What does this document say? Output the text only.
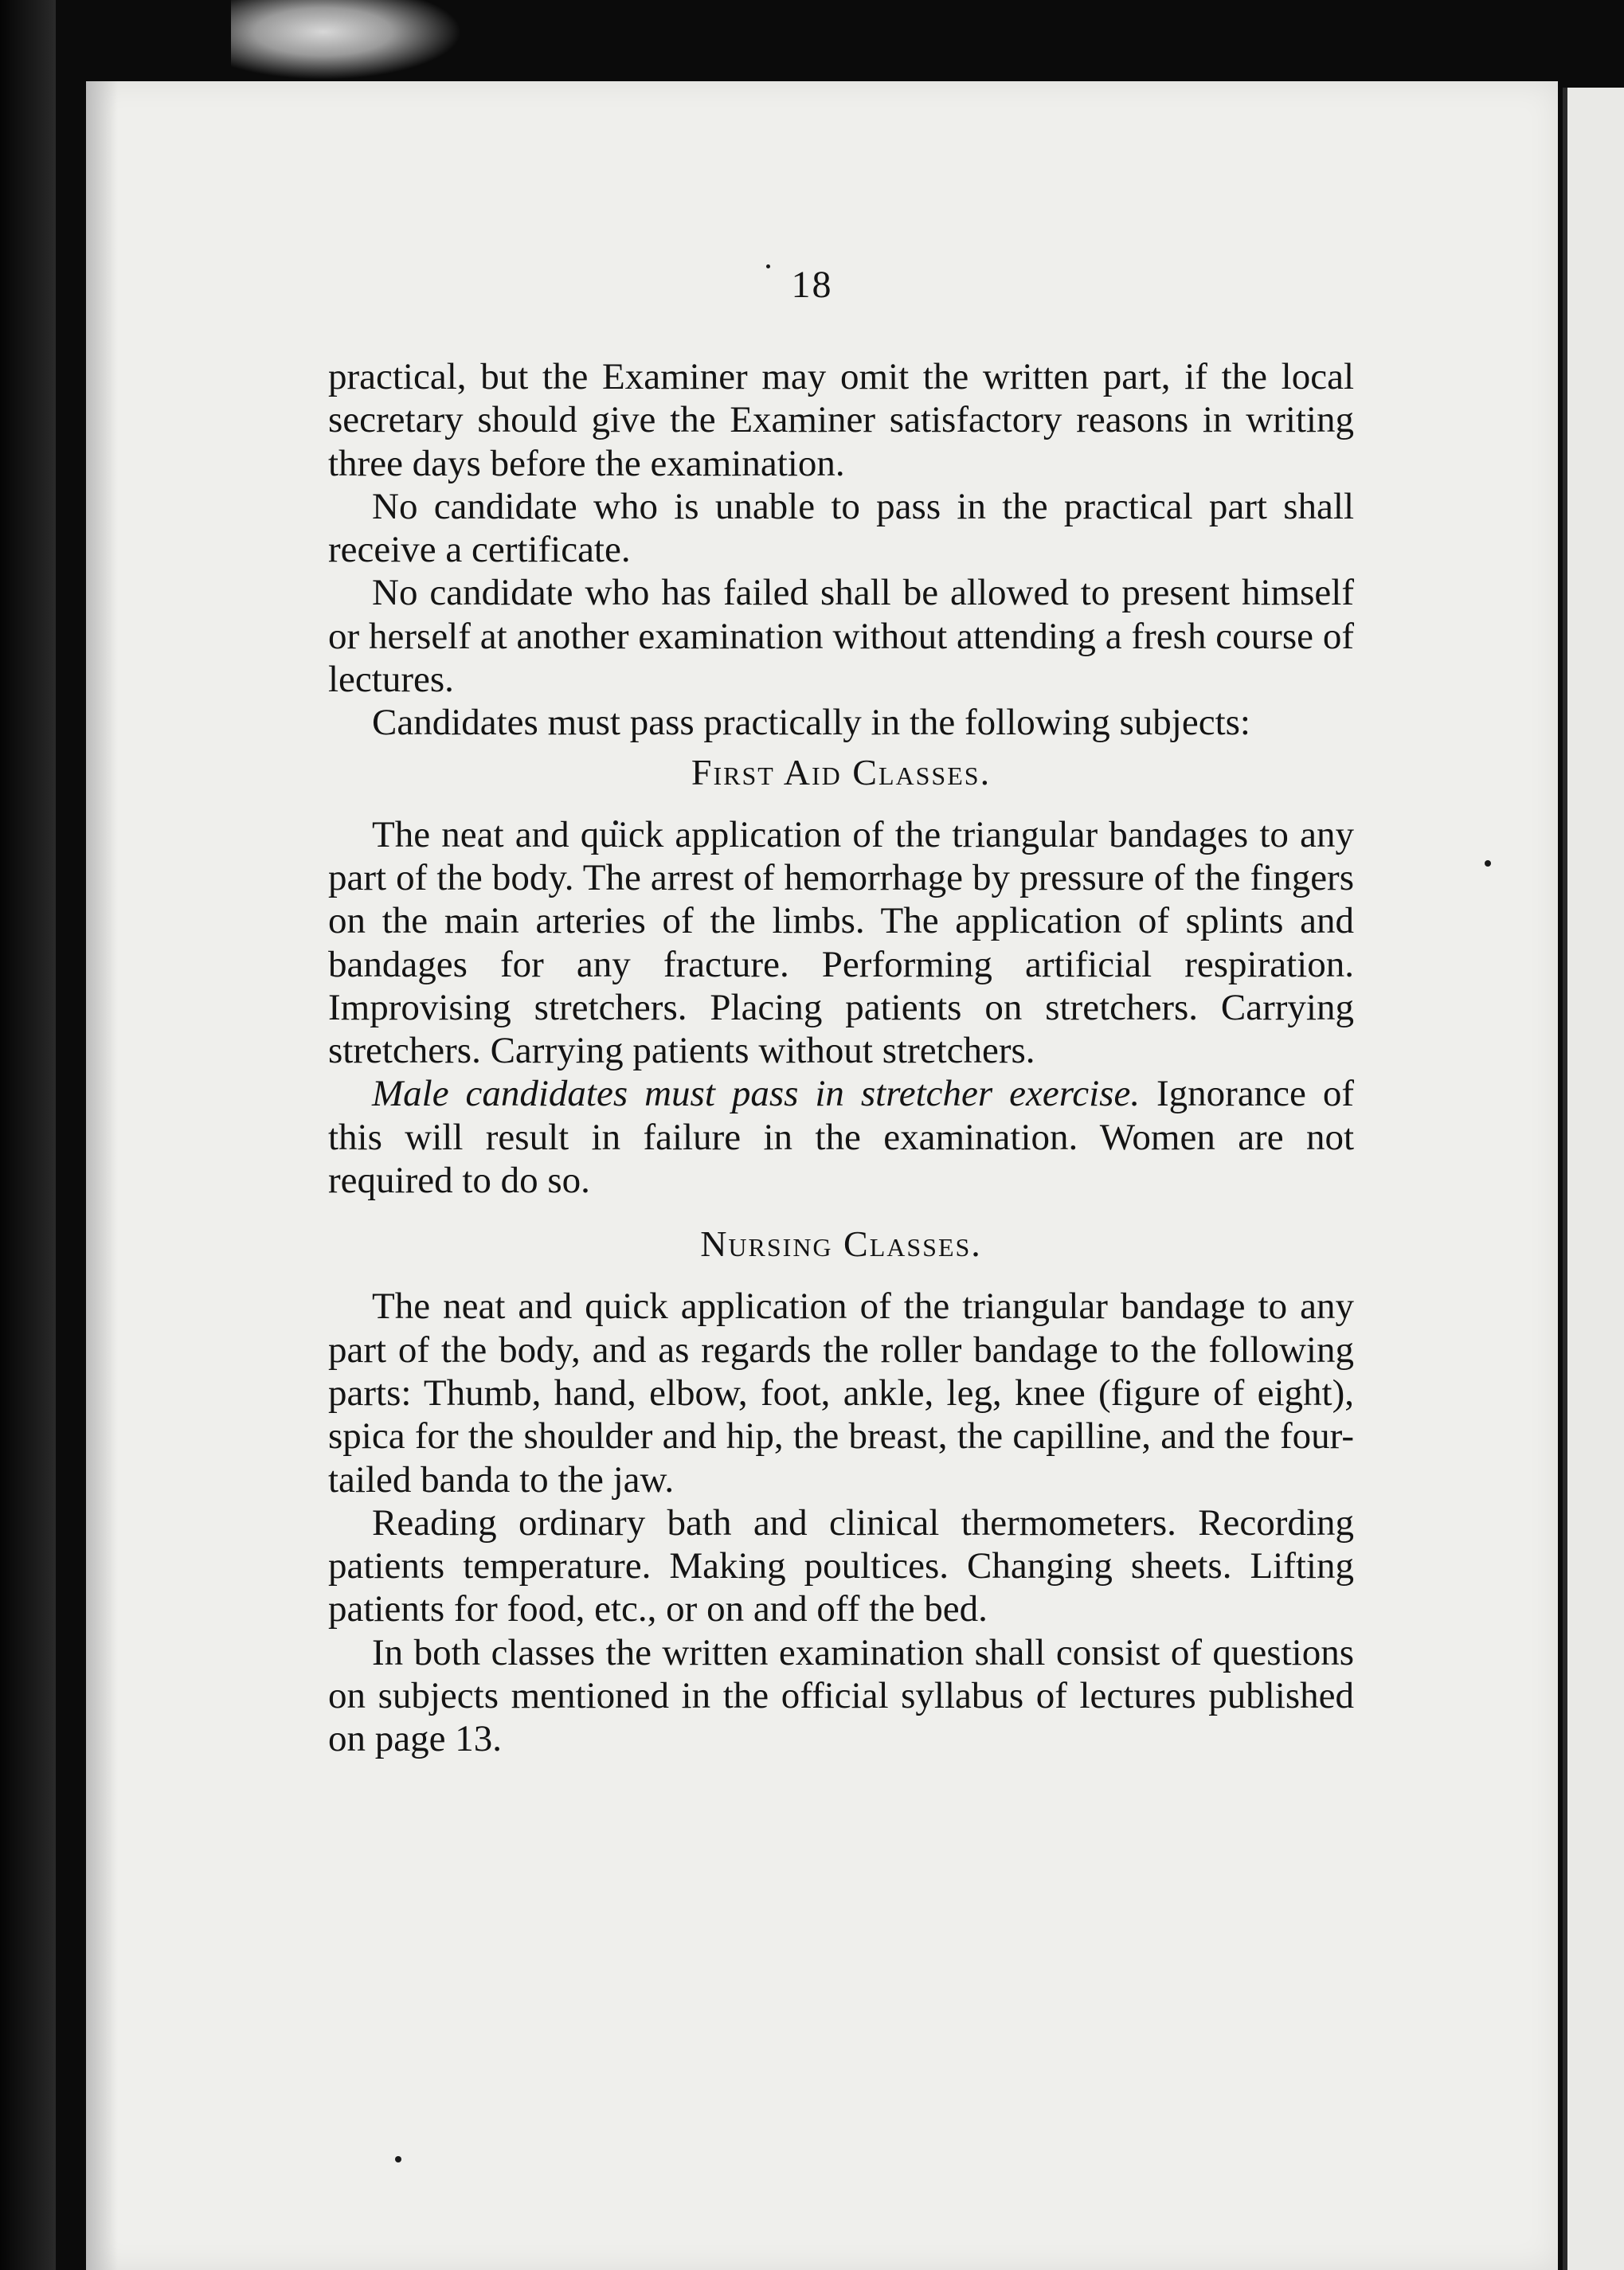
18

practical, but the Examiner may omit the written part, if the local secretary should give the Examiner satisfactory reasons in writing three days before the examination.

No candidate who is unable to pass in the practical part shall receive a certificate.

No candidate who has failed shall be allowed to present himself or herself at another examination without attending a fresh course of lectures.

Candidates must pass practically in the following subjects:

First Aid Classes.

The neat and quick application of the triangular bandages to any part of the body. The arrest of hemorrhage by pressure of the fingers on the main arteries of the limbs. The application of splints and bandages for any fracture. Performing artificial respiration. Improvising stretchers. Placing patients on stretchers. Carrying stretchers. Carrying patients without stretchers.

Male candidates must pass in stretcher exercise. Ignorance of this will result in failure in the examination. Women are not required to do so.

Nursing Classes.

The neat and quick application of the triangular bandage to any part of the body, and as regards the roller bandage to the following parts: Thumb, hand, elbow, foot, ankle, leg, knee (figure of eight), spica for the shoulder and hip, the breast, the capilline, and the four-tailed banda to the jaw.

Reading ordinary bath and clinical thermometers. Recording patients temperature. Making poultices. Changing sheets. Lifting patients for food, etc., or on and off the bed.

In both classes the written examination shall consist of questions on subjects mentioned in the official syllabus of lectures published on page 13.
